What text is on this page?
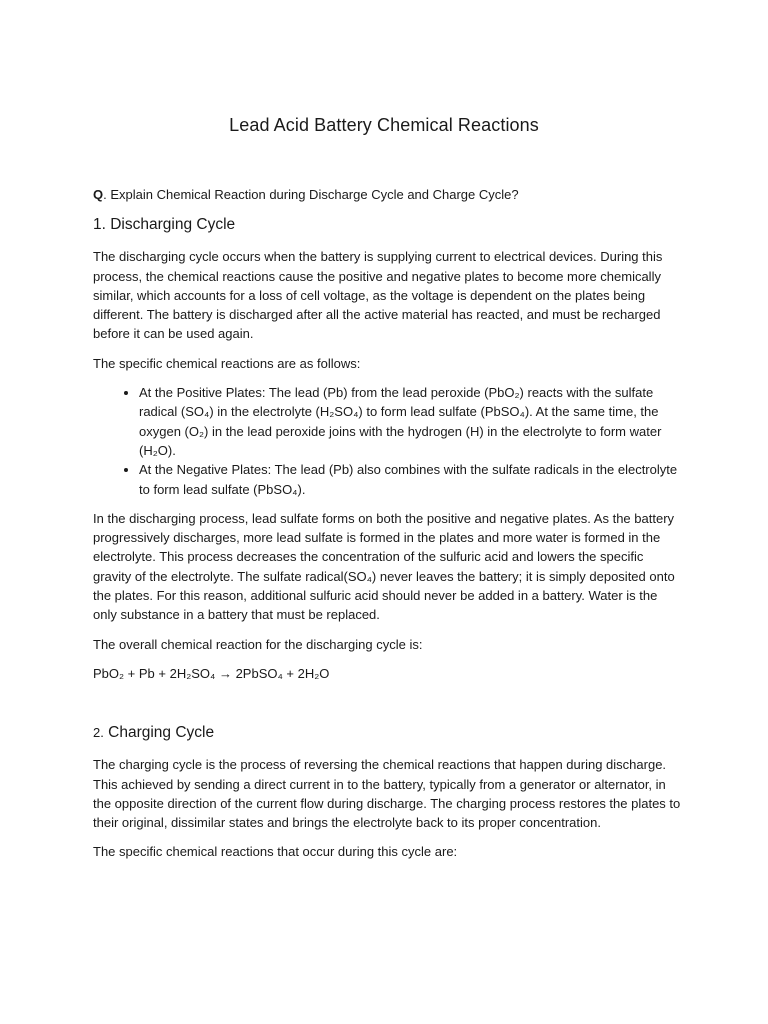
Lead Acid Battery Chemical Reactions
Q. Explain Chemical Reaction during Discharge Cycle and Charge Cycle?
1. Discharging Cycle

The discharging cycle occurs when the battery is supplying current to electrical devices. During this process, the chemical reactions cause the positive and negative plates to become more chemically similar, which accounts for a loss of cell voltage, as the voltage is dependent on the plates being different. The battery is discharged after all the active material has reacted, and must be recharged before it can be used again.

The specific chemical reactions are as follows:

• At the Positive Plates: The lead (Pb) from the lead peroxide (PbO₂) reacts with the sulfate radical (SO₄) in the electrolyte (H₂SO₄) to form lead sulfate (PbSO₄). At the same time, the oxygen (O₂) in the lead peroxide joins with the hydrogen (H) in the electrolyte to form water (H₂O).
• At the Negative Plates: The lead (Pb) also combines with the sulfate radicals in the electrolyte to form lead sulfate (PbSO₄).

In the discharging process, lead sulfate forms on both the positive and negative plates. As the battery progressively discharges, more lead sulfate is formed in the plates and more water is formed in the electrolyte. This process decreases the concentration of the sulfuric acid and lowers the specific gravity of the electrolyte. The sulfate radical(SO₄) never leaves the battery; it is simply deposited onto the plates. For this reason, additional sulfuric acid should never be added in a battery. Water is the only substance in a battery that must be replaced.

The overall chemical reaction for the discharging cycle is:

PbO₂ + Pb + 2H₂SO₄ → 2PbSO₄ + 2H₂O

2. Charging Cycle

The charging cycle is the process of reversing the chemical reactions that happen during discharge. This achieved by sending a direct current in to the battery, typically from a generator or alternator, in the opposite direction of the current flow during discharge. The charging process restores the plates to their original, dissimilar states and brings the electrolyte back to its proper concentration.

The specific chemical reactions that occur during this cycle are:
